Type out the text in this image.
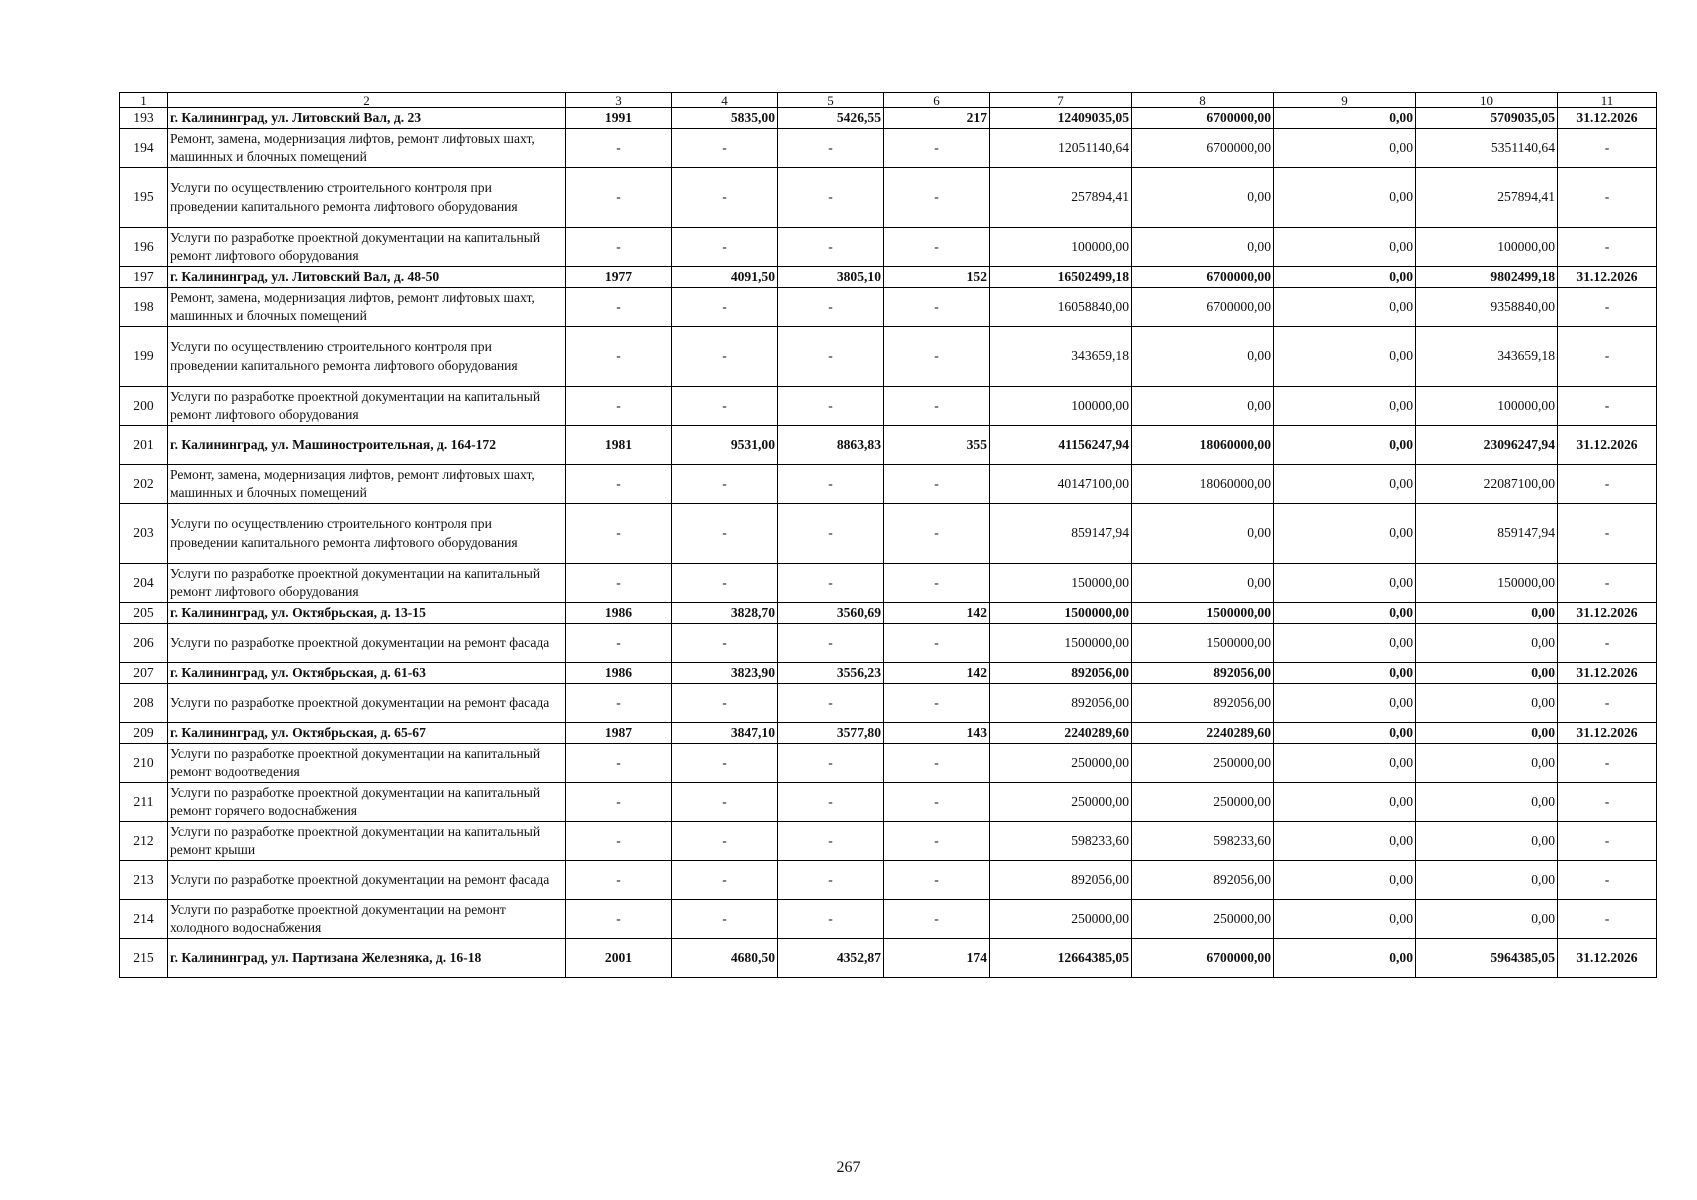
1	2	3	4	5	6	7	8	9	10	11
193	г. Калининград, ул. Литовский Вал, д. 23	1991	5835,00	5426,55	217	12409035,05	6700000,00	0,00	5709035,05	31.12.2026
194	Ремонт, замена, модернизация лифтов, ремонт лифтовых шахт, машинных и блочных помещений	-	-	-	-	12051140,64	6700000,00	0,00	5351140,64	-
195	Услуги по осуществлению строительного контроля при проведении капитального ремонта лифтового оборудования	-	-	-	-	257894,41	0,00	0,00	257894,41	-
196	Услуги по разработке проектной документации на капитальный ремонт лифтового оборудования	-	-	-	-	100000,00	0,00	0,00	100000,00	-
197	г. Калининград, ул. Литовский Вал, д. 48-50	1977	4091,50	3805,10	152	16502499,18	6700000,00	0,00	9802499,18	31.12.2026
198	Ремонт, замена, модернизация лифтов, ремонт лифтовых шахт, машинных и блочных помещений	-	-	-	-	16058840,00	6700000,00	0,00	9358840,00	-
199	Услуги по осуществлению строительного контроля при проведении капитального ремонта лифтового оборудования	-	-	-	-	343659,18	0,00	0,00	343659,18	-
200	Услуги по разработке проектной документации на капитальный ремонт лифтового оборудования	-	-	-	-	100000,00	0,00	0,00	100000,00	-
201	г. Калининград, ул. Машиностроительная, д. 164-172	1981	9531,00	8863,83	355	41156247,94	18060000,00	0,00	23096247,94	31.12.2026
202	Ремонт, замена, модернизация лифтов, ремонт лифтовых шахт, машинных и блочных помещений	-	-	-	-	40147100,00	18060000,00	0,00	22087100,00	-
203	Услуги по осуществлению строительного контроля при проведении капитального ремонта лифтового оборудования	-	-	-	-	859147,94	0,00	0,00	859147,94	-
204	Услуги по разработке проектной документации на капитальный ремонт лифтового оборудования	-	-	-	-	150000,00	0,00	0,00	150000,00	-
205	г. Калининград, ул. Октябрьская, д. 13-15	1986	3828,70	3560,69	142	1500000,00	1500000,00	0,00	0,00	31.12.2026
206	Услуги по разработке проектной документации на ремонт фасада	-	-	-	-	1500000,00	1500000,00	0,00	0,00	-
207	г. Калининград, ул. Октябрьская, д. 61-63	1986	3823,90	3556,23	142	892056,00	892056,00	0,00	0,00	31.12.2026
208	Услуги по разработке проектной документации на ремонт фасада	-	-	-	-	892056,00	892056,00	0,00	0,00	-
209	г. Калининград, ул. Октябрьская, д. 65-67	1987	3847,10	3577,80	143	2240289,60	2240289,60	0,00	0,00	31.12.2026
210	Услуги по разработке проектной документации на капитальный ремонт водоотведения	-	-	-	-	250000,00	250000,00	0,00	0,00	-
211	Услуги по разработке проектной документации на капитальный ремонт горячего водоснабжения	-	-	-	-	250000,00	250000,00	0,00	0,00	-
212	Услуги по разработке проектной документации на капитальный ремонт крыши	-	-	-	-	598233,60	598233,60	0,00	0,00	-
213	Услуги по разработке проектной документации на ремонт фасада	-	-	-	-	892056,00	892056,00	0,00	0,00	-
214	Услуги по разработке проектной документации на ремонт холодного водоснабжения	-	-	-	-	250000,00	250000,00	0,00	0,00	-
215	г. Калининград, ул. Партизана Железняка, д. 16-18	2001	4680,50	4352,87	174	12664385,05	6700000,00	0,00	5964385,05	31.12.2026
267
